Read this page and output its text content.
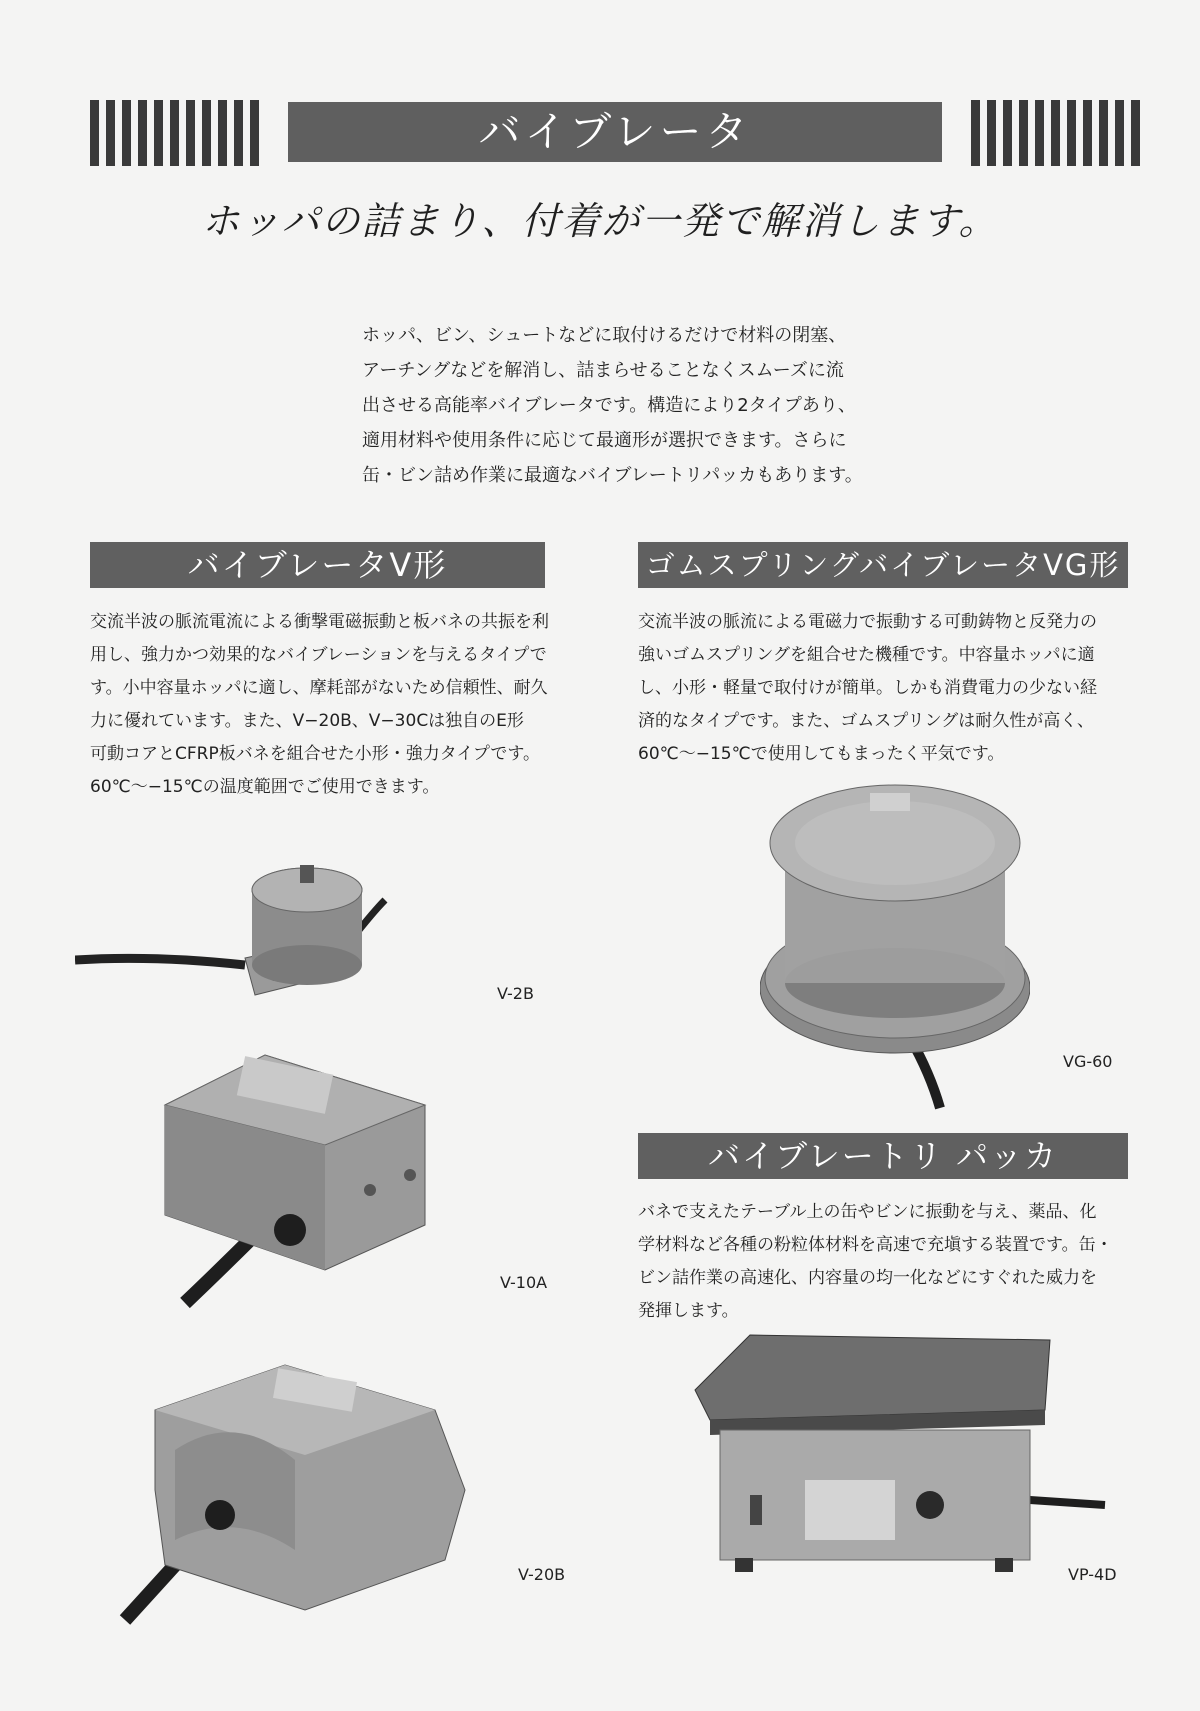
バイブレータ
ホッパの詰まり、付着が一発で解消します。

ホッパ、ビン、シュートなどに取付けるだけで材料の閉塞、

アーチングなどを解消し、詰まらせることなくスムーズに流

出させる高能率バイブレータです。構造により2タイプあり、

適用材料や使用条件に応じて最適形が選択できます。さらに

缶・ビン詰め作業に最適なバイブレートリパッカもあります。

バイブレータV形

交流半波の脈流電流による衝撃電磁振動と板バネの共振を利

用し、強力かつ効果的なバイブレーションを与えるタイプで

す。小中容量ホッパに適し、摩耗部がないため信頼性、耐久

力に優れています。また、V−20B、V−30Cは独自のE形

可動コアとCFRP板バネを組合せた小形・強力タイプです。

60℃〜−15℃の温度範囲でご使用できます。

ゴムスプリングバイブレータVG形

交流半波の脈流による電磁力で振動する可動鋳物と反発力の

強いゴムスプリングを組合せた機種です。中容量ホッパに適

し、小形・軽量で取付けが簡単。しかも消費電力の少ない経

済的なタイプです。また、ゴムスプリングは耐久性が高く、

60℃〜−15℃で使用してもまったく平気です。

バイブレートリ パッカ

バネで支えたテーブル上の缶やビンに振動を与え、薬品、化

学材料など各種の粉粒体材料を高速で充塡する装置です。缶・

ビン詰作業の高速化、内容量の均一化などにすぐれた威力を

発揮します。

V-2B
V-10A
V-20B
VG-60
VP-4D
